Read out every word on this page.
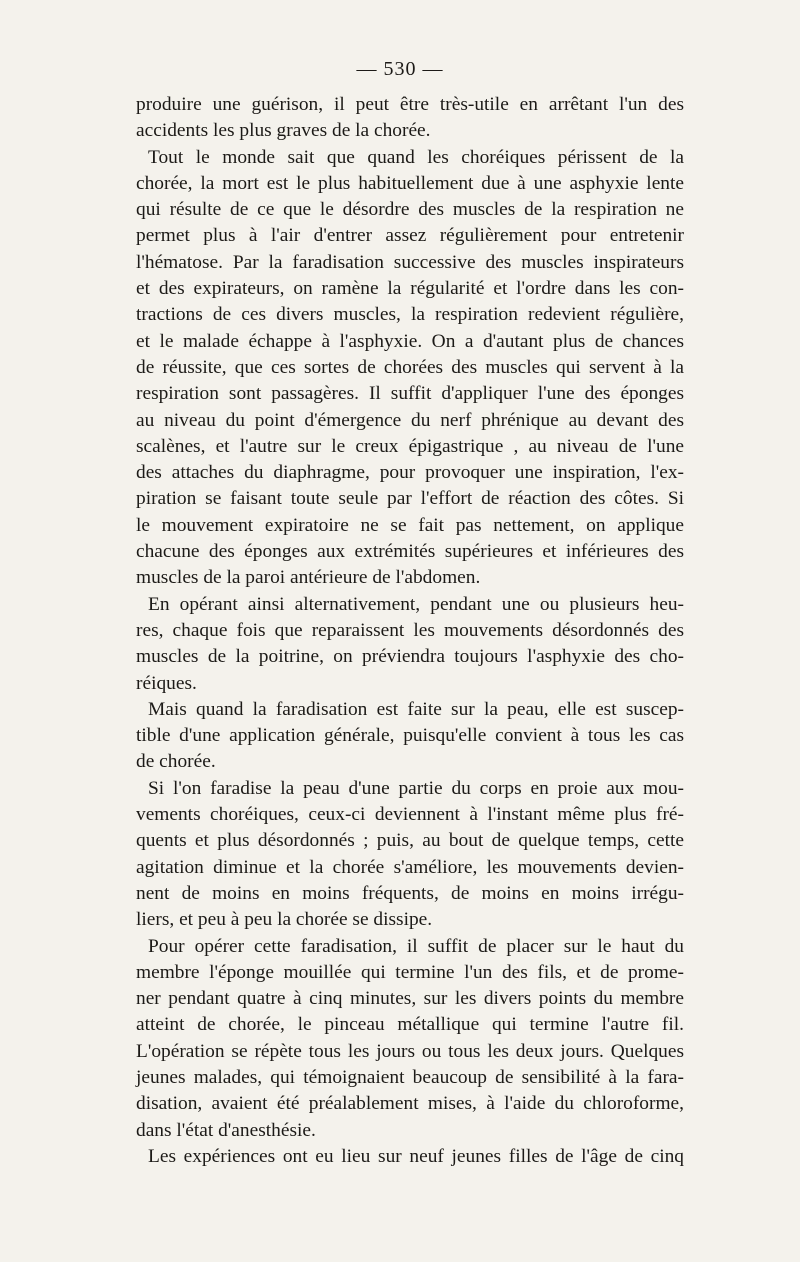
— 530 —
produire une guérison, il peut être très-utile en arrêtant l'un des
accidents les plus graves de la chorée.
Tout le monde sait que quand les choréiques périssent de la
chorée, la mort est le plus habituellement due à une asphyxie lente
qui résulte de ce que le désordre des muscles de la respiration ne
permet plus à l'air d'entrer assez régulièrement pour entretenir
l'hématose. Par la faradisation successive des muscles inspirateurs
et des expirateurs, on ramène la régularité et l'ordre dans les con-
tractions de ces divers muscles, la respiration redevient régulière,
et le malade échappe à l'asphyxie. On a d'autant plus de chances
de réussite, que ces sortes de chorées des muscles qui servent à la
respiration sont passagères. Il suffit d'appliquer l'une des éponges
au niveau du point d'émergence du nerf phrénique au devant des
scalènes, et l'autre sur le creux épigastrique , au niveau de l'une
des attaches du diaphragme, pour provoquer une inspiration, l'ex-
piration se faisant toute seule par l'effort de réaction des côtes. Si
le mouvement expiratoire ne se fait pas nettement, on applique
chacune des éponges aux extrémités supérieures et inférieures des
muscles de la paroi antérieure de l'abdomen.
En opérant ainsi alternativement, pendant une ou plusieurs heu-
res, chaque fois que reparaissent les mouvements désordonnés des
muscles de la poitrine, on préviendra toujours l'asphyxie des cho-
réiques.
Mais quand la faradisation est faite sur la peau, elle est suscep-
tible d'une application générale, puisqu'elle convient à tous les cas
de chorée.
Si l'on faradise la peau d'une partie du corps en proie aux mou-
vements choréiques, ceux-ci deviennent à l'instant même plus fré-
quents et plus désordonnés ; puis, au bout de quelque temps, cette
agitation diminue et la chorée s'améliore, les mouvements devien-
nent de moins en moins fréquents, de moins en moins irrégu-
liers, et peu à peu la chorée se dissipe.
Pour opérer cette faradisation, il suffit de placer sur le haut du
membre l'éponge mouillée qui termine l'un des fils, et de prome-
ner pendant quatre à cinq minutes, sur les divers points du membre
atteint de chorée, le pinceau métallique qui termine l'autre fil.
L'opération se répète tous les jours ou tous les deux jours. Quelques
jeunes malades, qui témoignaient beaucoup de sensibilité à la fara-
disation, avaient été préalablement mises, à l'aide du chloroforme,
dans l'état d'anesthésie.
Les expériences ont eu lieu sur neuf jeunes filles de l'âge de cinq
